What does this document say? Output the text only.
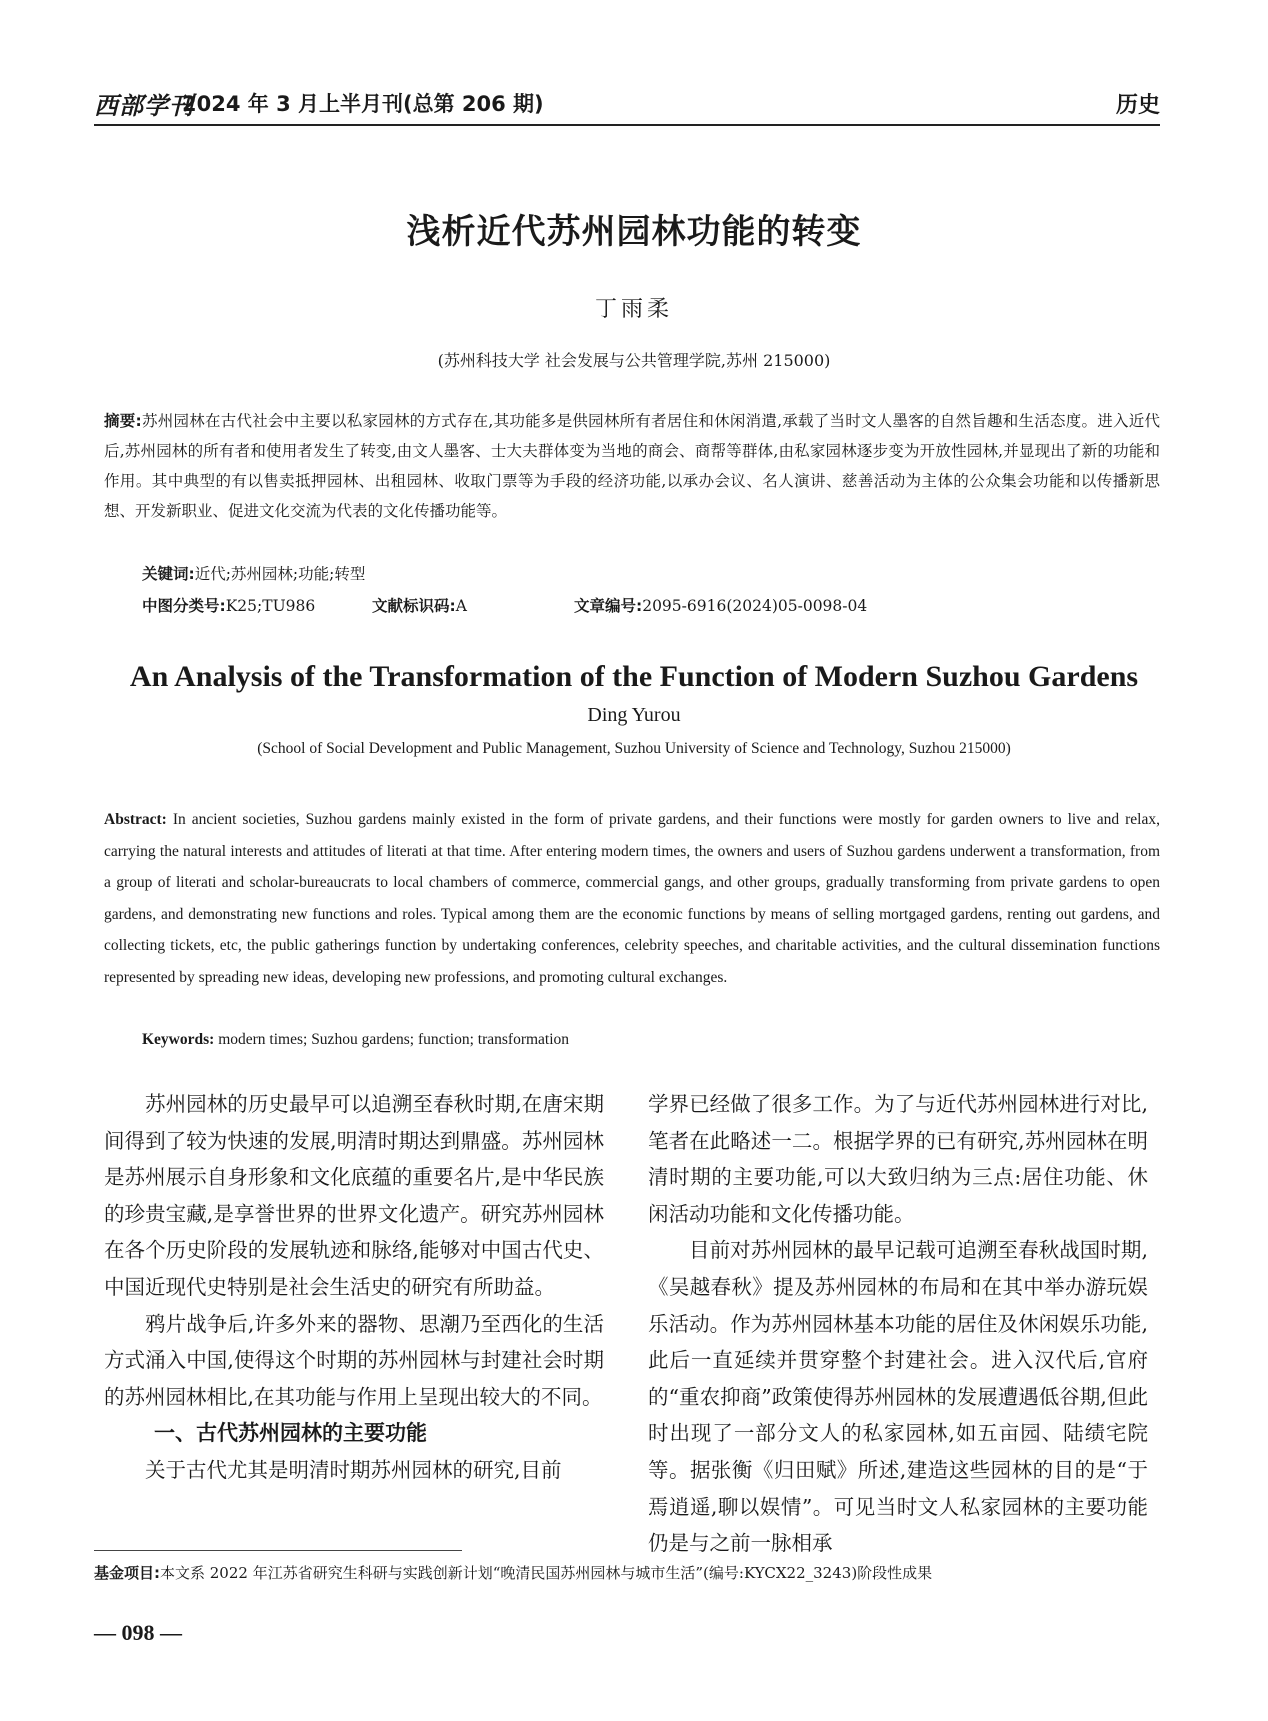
西部学刊
2024 年 3 月上半月刊(总第 206 期)	历史
浅析近代苏州园林功能的转变
丁雨柔
(苏州科技大学 社会发展与公共管理学院,苏州 215000)
摘要:苏州园林在古代社会中主要以私家园林的方式存在,其功能多是供园林所有者居住和休闲消遣,承载了当时文人墨客的自然旨趣和生活态度。进入近代后,苏州园林的所有者和使用者发生了转变,由文人墨客、士大夫群体变为当地的商会、商帮等群体,由私家园林逐步变为开放性园林,并显现出了新的功能和作用。其中典型的有以售卖抵押园林、出租园林、收取门票等为手段的经济功能,以承办会议、名人演讲、慈善活动为主体的公众集会功能和以传播新思想、开发新职业、促进文化交流为代表的文化传播功能等。
关键词:近代;苏州园林;功能;转型
中图分类号:K25;TU986	文献标识码:A	文章编号:2095-6916(2024)05-0098-04
An Analysis of the Transformation of the Function of Modern Suzhou Gardens
Ding Yurou
(School of Social Development and Public Management, Suzhou University of Science and Technology, Suzhou 215000)
Abstract: In ancient societies, Suzhou gardens mainly existed in the form of private gardens, and their functions were mostly for garden owners to live and relax, carrying the natural interests and attitudes of literati at that time. After entering modern times, the owners and users of Suzhou gardens underwent a transformation, from a group of literati and scholar-bureaucrats to local chambers of commerce, commercial gangs, and other groups, gradually transforming from private gardens to open gardens, and demonstrating new functions and roles. Typical among them are the economic functions by means of selling mortgaged gardens, renting out gardens, and collecting tickets, etc, the public gatherings function by undertaking conferences, celebrity speeches, and charitable activities, and the cultural dissemination functions represented by spreading new ideas, developing new professions, and promoting cultural exchanges.
Keywords: modern times; Suzhou gardens; function; transformation

苏州园林的历史最早可以追溯至春秋时期,在唐宋期间得到了较为快速的发展,明清时期达到鼎盛。苏州园林是苏州展示自身形象和文化底蕴的重要名片,是中华民族的珍贵宝藏,是享誉世界的世界文化遗产。研究苏州园林在各个历史阶段的发展轨迹和脉络,能够对中国古代史、中国近现代史特别是社会生活史的研究有所助益。

鸦片战争后,许多外来的器物、思潮乃至西化的生活方式涌入中国,使得这个时期的苏州园林与封建社会时期的苏州园林相比,在其功能与作用上呈现出较大的不同。

一、古代苏州园林的主要功能

关于古代尤其是明清时期苏州园林的研究,目前

学界已经做了很多工作。为了与近代苏州园林进行对比,笔者在此略述一二。根据学界的已有研究,苏州园林在明清时期的主要功能,可以大致归纳为三点:居住功能、休闲活动功能和文化传播功能。

目前对苏州园林的最早记载可追溯至春秋战国时期,《吴越春秋》提及苏州园林的布局和在其中举办游玩娱乐活动。作为苏州园林基本功能的居住及休闲娱乐功能,此后一直延续并贯穿整个封建社会。进入汉代后,官府的“重农抑商”政策使得苏州园林的发展遭遇低谷期,但此时出现了一部分文人的私家园林,如五亩园、陆绩宅院等。据张衡《归田赋》所述,建造这些园林的目的是“于焉逍遥,聊以娱情”。可见当时文人私家园林的主要功能仍是与之前一脉相承

基金项目:本文系 2022 年江苏省研究生科研与实践创新计划“晚清民国苏州园林与城市生活”(编号:KYCX22_3243)阶段性成果
— 098 —
